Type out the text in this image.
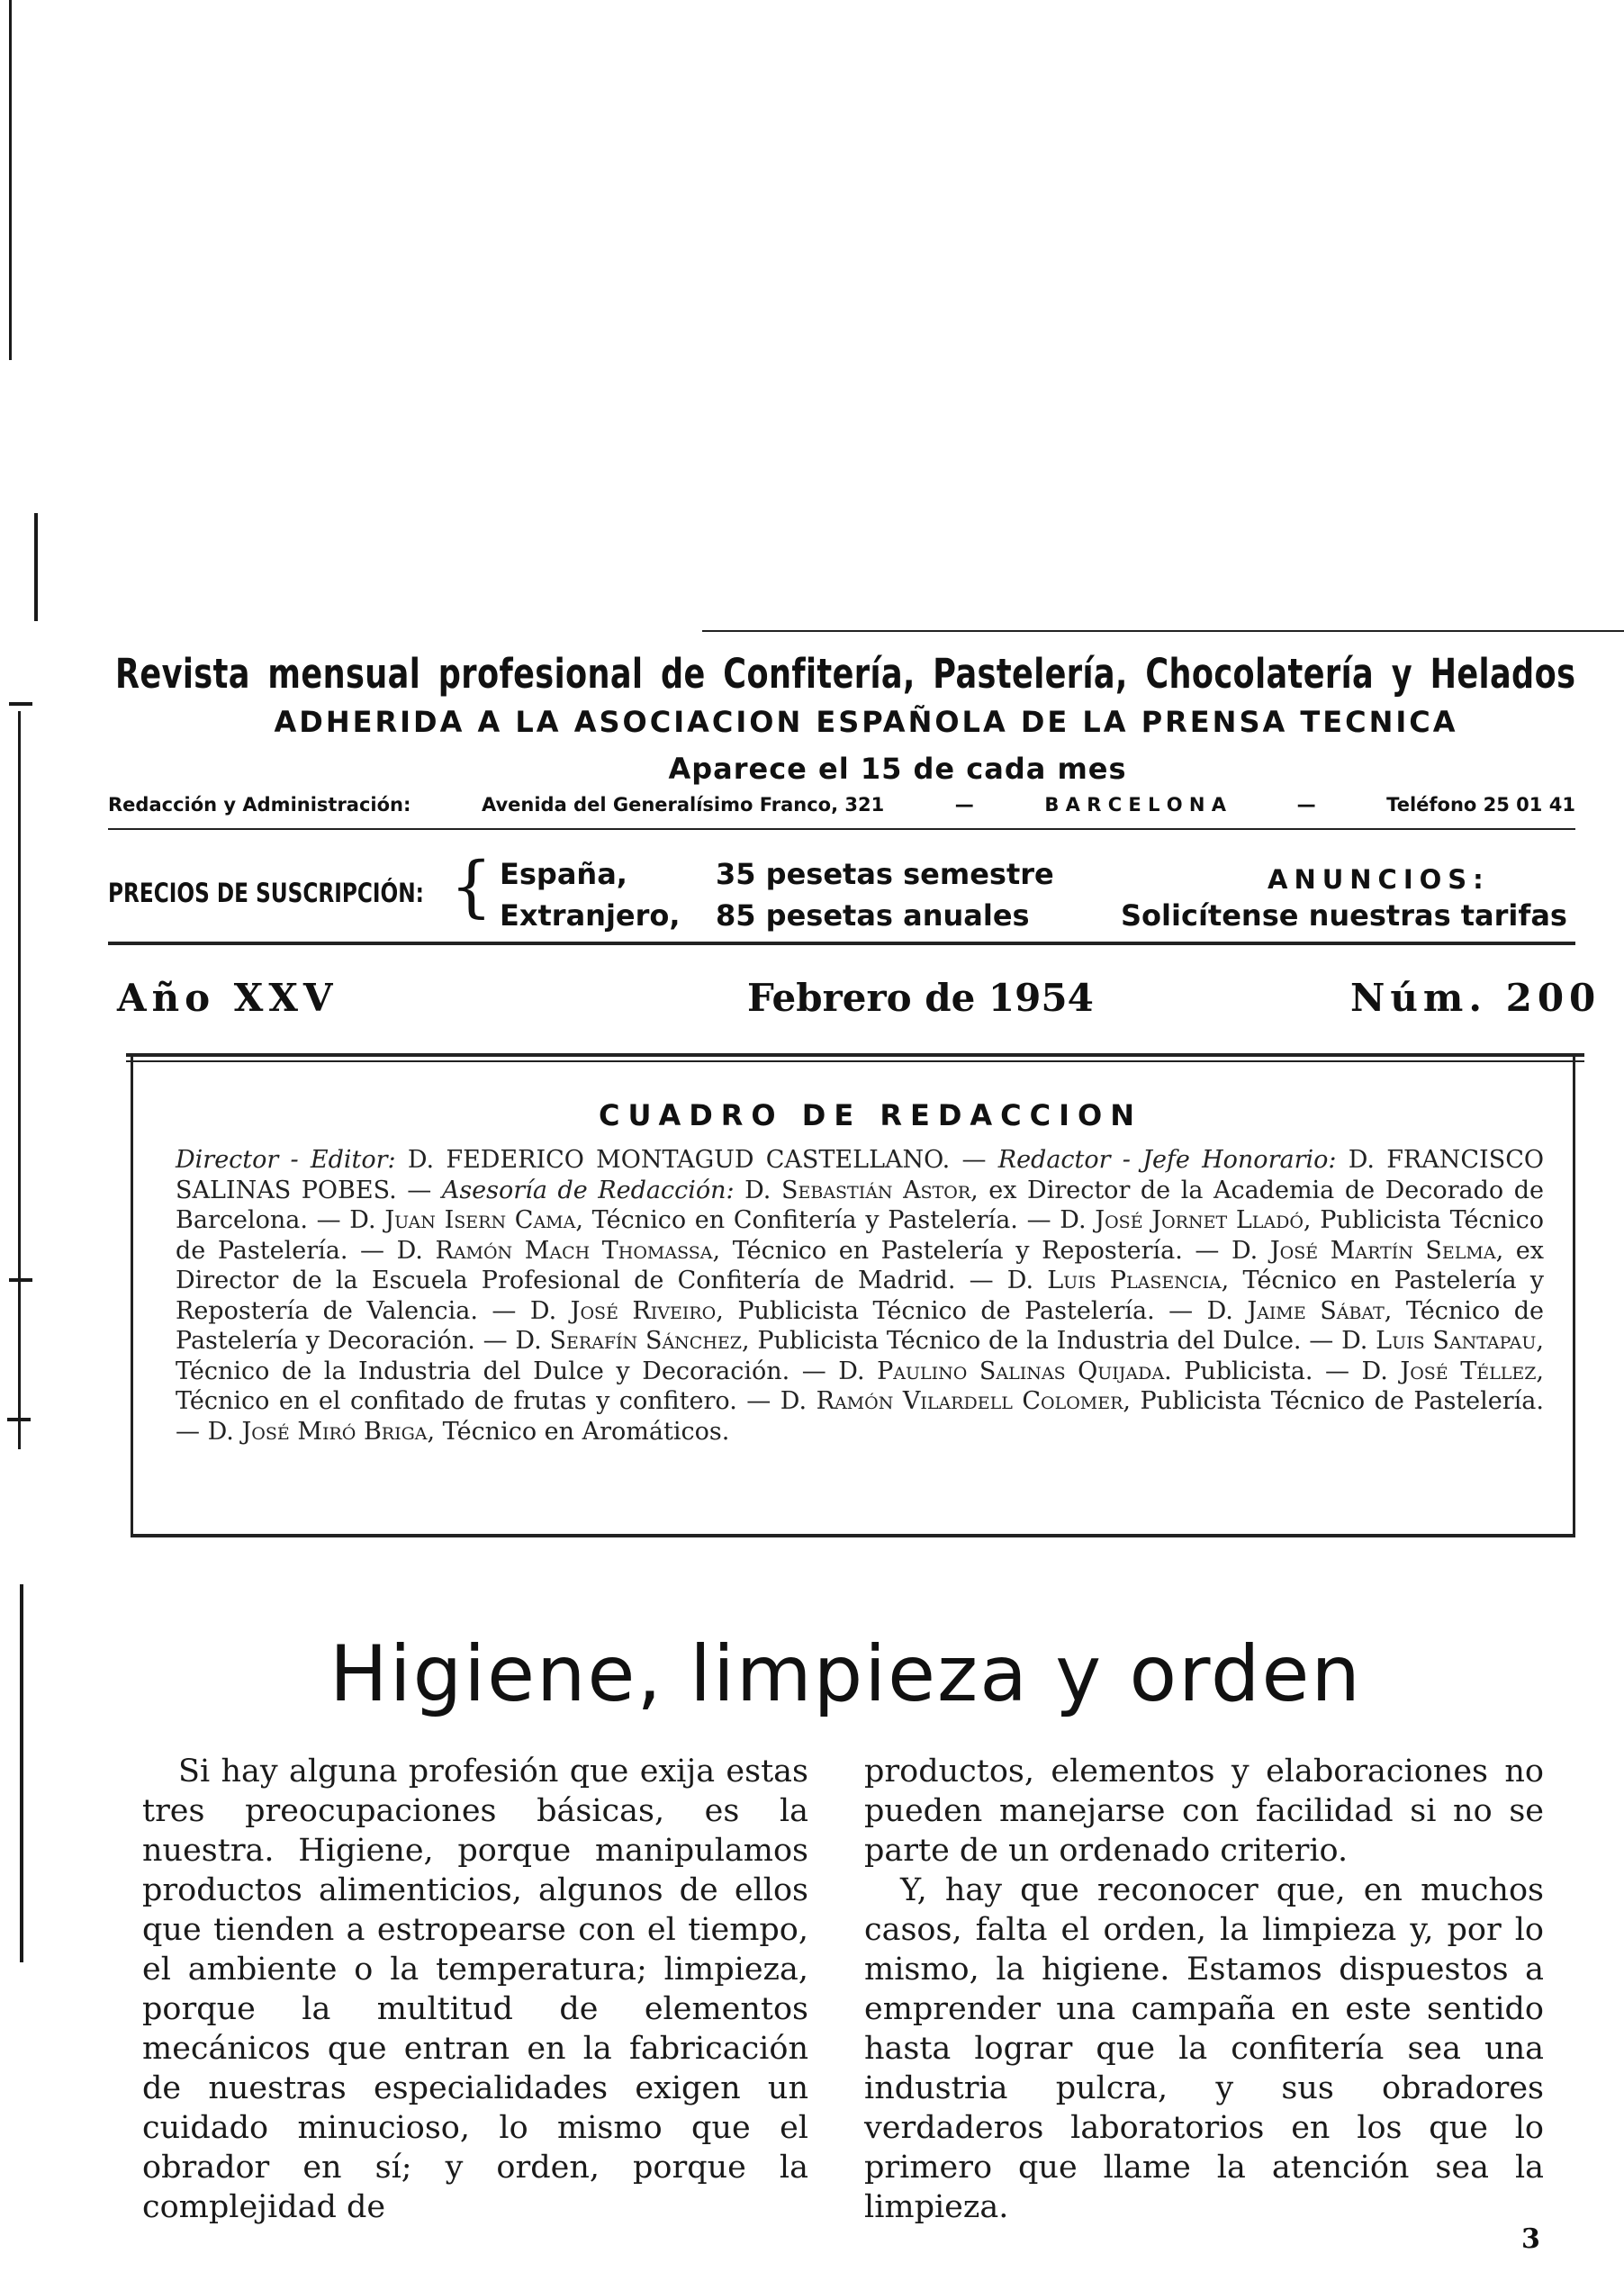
Revista mensual profesional de Confitería, Pastelería, Chocolatería y Helados
ADHERIDA A LA ASOCIACION ESPAÑOLA DE LA PRENSA TECNICA
Aparece el 15 de cada mes
Redacción y Administración:	Avenida del Generalísimo Franco, 321	—	B A R C E L O N A	—	Teléfono 25 01 41
PRECIOS DE SUSCRIPCIÓN: { España,	35 pesetas semestre
Extranjero,	85 pesetas anuales
ANUNCIOS:
Solicítense nuestras tarifas
Año XXV	Febrero de 1954	Núm. 200
CUADRO DE REDACCION

Director - Editor: D. FEDERICO MONTAGUD CASTELLANO. — Redactor - Jefe Honorario: D. FRANCISCO SALINAS POBES. — Asesoría de Redacción: D. Sebastián Astor, ex Director de la Academia de Decorado de Barcelona. — D. Juan Isern Cama, Técnico en Confitería y Pastelería. — D. José Jornet Lladó, Publicista Técnico de Pastelería. — D. Ramón Mach Thomassa, Técnico en Pastelería y Repostería. — D. José Martín Selma, ex Director de la Escuela Profesional de Confitería de Madrid. — D. Luis Plasencia, Técnico en Pastelería y Repostería de Valencia. — D. José Riveiro, Publicista Técnico de Pastelería. — D. Jaime Sábat, Técnico de Pastelería y Decoración. — D. Serafín Sánchez, Publicista Técnico de la Industria del Dulce. — D. Luis Santapau, Técnico de la Industria del Dulce y Decoración. — D. Paulino Salinas Quijada. Publicista. — D. José Téllez, Técnico en el confitado de frutas y confitero. — D. Ramón Vilardell Colomer, Publicista Técnico de Pastelería. — D. José Miró Briga, Técnico en Aromáticos.

Higiene, limpieza y orden

Si hay alguna profesión que exija estas tres preocupaciones básicas, es la nuestra. Higiene, porque manipulamos productos alimenticios, algunos de ellos que tienden a estropearse con el tiempo, el ambiente o la temperatura; limpieza, porque la multitud de elementos mecánicos que entran en la fabricación de nuestras especialidades exigen un cuidado minucioso, lo mismo que el obrador en sí; y orden, porque la complejidad de

productos, elementos y elaboraciones no pueden manejarse con facilidad si no se parte de un ordenado criterio.

Y, hay que reconocer que, en muchos casos, falta el orden, la limpieza y, por lo mismo, la higiene. Estamos dispuestos a emprender una campaña en este sentido hasta lograr que la confitería sea una industria pulcra, y sus obradores verdaderos laboratorios en los que lo primero que llame la atención sea la limpieza.

3
